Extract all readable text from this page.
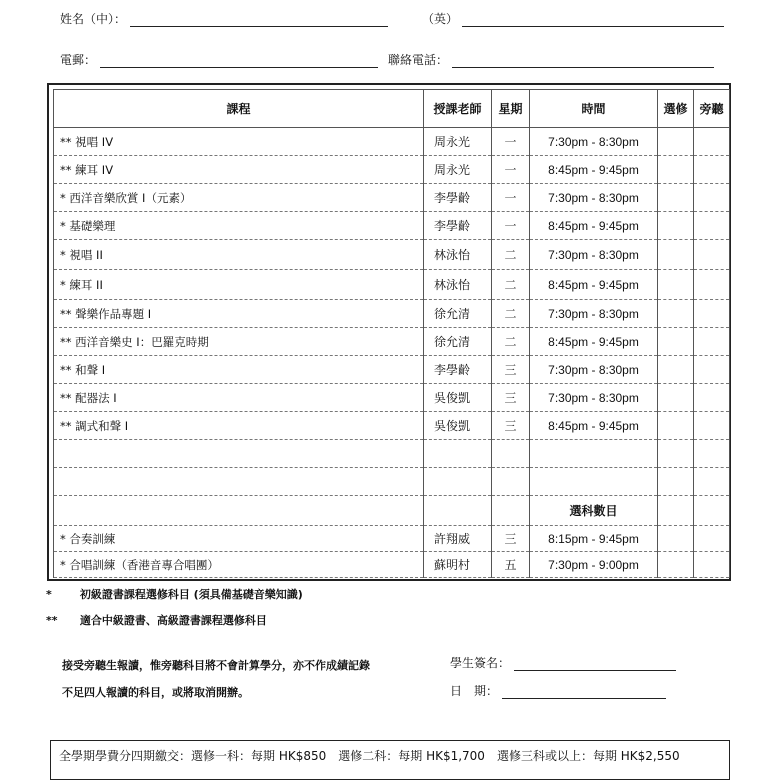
姓名（中）：	（英）
電郵：	聯絡電話：
課程	授課老師	星期	時間	選修	旁聽
** 視唱 IV	周永光	一	7:30pm - 8:30pm		
** 練耳 IV	周永光	一	8:45pm - 9:45pm		
* 西洋音樂欣賞 I（元素）	李學齡	一	7:30pm - 8:30pm		
* 基礎樂理	李學齡	一	8:45pm - 9:45pm		
* 視唱 II	林泳怡	二	7:30pm - 8:30pm		
* 練耳 II	林泳怡	二	8:45pm - 9:45pm		
** 聲樂作品專題 I	徐允清	二	7:30pm - 8:30pm		
** 西洋音樂史 I：巴羅克時期	徐允清	二	8:45pm - 9:45pm		
** 和聲 I	李學齡	三	7:30pm - 8:30pm		
** 配器法 I	吳俊凱	三	7:30pm - 8:30pm		
** 調式和聲 I	吳俊凱	三	8:45pm - 9:45pm		

			選科數目		
* 合奏訓練	許翔威	三	8:15pm - 9:45pm		
* 合唱訓練（香港音專合唱團）	蘇明村	五	7:30pm - 9:00pm		
*	初級證書課程選修科目 (須具備基礎音樂知識)
** 適合中級證書、高級證書課程選修科目
接受旁聽生報讀，惟旁聽科目將不會計算學分，亦不作成績記錄
不足四人報讀的科目，或將取消開辦。
學生簽名：
日　期：
全學期學費分四期繳交：選修一科：每期 HK$850　選修二科：每期 HK$1,700　選修三科或以上：每期 HK$2,550
